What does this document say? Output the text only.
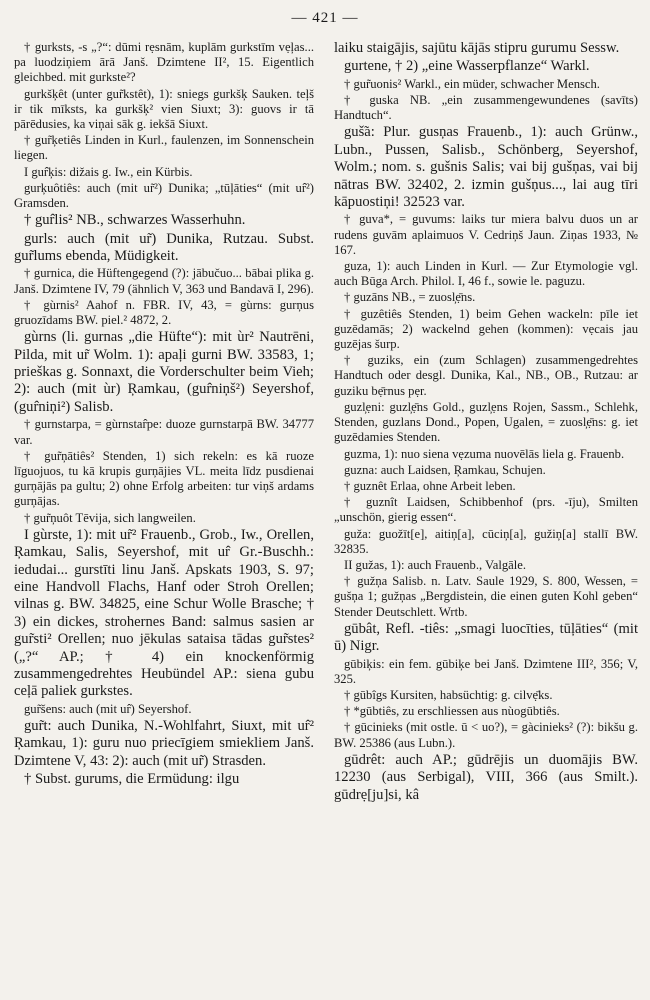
— 421 —

† gurksts, -s „?“: dūmi rẹsnām, kuplām gurkstīm vẹļas... pa luodziņiem ārā Janš. Dzimtene II², 15. Eigentlich gleichbed. mit gurkste²?

gurkšķêt (unter gur̃kstêt), 1): sniegs gurkšķ Sauken. teļš ir tik mīksts, ka gurkšķ² vien Siuxt; 3): guovs ir tā pārēdusies, ka viņai sāk g. iekšā Siuxt.

† gur̃ķetiês Linden in Kurl., faulenzen, im Sonnenschein liegen.

I gur̂ķis: dižais g. Iw., ein Kürbis.

gurķuôtiês: auch (mit ur̃²) Dunika; „tūļāties“ (mit ur̂²) Gramsden.

† gur̂lis² NB., schwarzes Wasserhuhn.

gurls: auch (mit ur̃) Dunika, Rutzau. Subst. gur̃lums ebenda, Müdigkeit.

† gurnica, die Hüftengegend (?): jābučuo... bābai plika g. Janš. Dzimtene IV, 79 (ähnlich V, 363 und Bandavā I, 296).

† gùrnis² Aahof n. FBR. IV, 43, = gùrns: gurņus gruozīdams BW. piel.² 4872, 2.

gùrns (li. gurnas „die Hüfte“): mit ùr² Nautrēni, Pilda, mit ur̃ Wolm. 1): apaļi gurni BW. 33583, 1; prieškas g. Sonnaxt, die Vorderschulter beim Vieh; 2): auch (mit ùr) Ŗamkau, (gur̂niņš²) Seyershof, (gur̂niņi²) Salisb.

† gurnstarpa, = gùrnstar̂pe: duoze gurnstarpā BW. 34777 var.

† gur̃ņātiês² Stenden, 1) sich rekeln: es kā ruoze līguojuos, tu kā krupis gurņājies VL. meita līdz pusdienai gurņājās pa gultu; 2) ohne Erfolg arbeiten: tur viņš ardams gurņājas.

† gur̃ņuôt Tēvija, sich langweilen.

I gùrste, 1): mit ur̃² Frauenb., Grob., Iw., Orellen, Ŗamkau, Salis, Seyershof, mit ur̂ Gr.-Buschh.: iedudai... gurstīti linu Janš. Apskats 1903, S. 97; eine Handvoll Flachs, Hanf oder Stroh Orellen; vilnas g. BW. 34825, eine Schur Wolle Brasche; † 3) ein dickes, strohernes Band: salmus sasien ar gur̃sti² Orellen; nuo jēkulas sataisa tādas gur̃stes² („?“ AP.; † 4) ein knockenförmig zusammengedrehtes Heubündel AP.: siena gubu ceļā paliek gurkstes.

gur̃šens: auch (mit ur̂) Seyershof.

gur̃t: auch Dunika, N.-Wohlfahrt, Siuxt, mit ur̂² Ŗamkau, 1): guru nuo priecīgiem smiekliem Janš. Dzimtene V, 43: 2): auch (mit ur̃) Strasden.

† Subst. gurums, die Ermüdung: ilgu

laiku staigājis, sajūtu kājās stipru gurumu Sessw.

gurtene, † 2) „eine Wasserpflanze“ Warkl.

† gur̃uonis² Warkl., ein müder, schwacher Mensch.

† guska NB. „ein zusammengewundenes (savīts) Handtuch“.

guš̃a: Plur. gusņas Frauenb., 1): auch Grünw., Lubn., Pussen, Salisb., Schönberg, Seyershof, Wolm.; nom. s. gušnis Salis; vai bij gušņas, vai bij nātras BW. 32402, 2. izmin gušņus..., lai aug tīri kāpuostiņi! 32523 var.

† guva*, = guvums: laiks tur miera balvu duos un ar rudens guvām aplaimuos V. Cedriņš Jaun. Ziņas 1933, № 167.

guza, 1): auch Linden in Kurl. — Zur Etymologie vgl. auch Būga Arch. Philol. I, 46 f., sowie le. paguzu.

† guzāns NB., = zuosl̦ẹ̄ns.

† guzêtiês Stenden, 1) beim Gehen wackeln: pīle iet guzēdamās; 2) wackelnd gehen (kommen): vẹcais jau guzējas šurp.

† guziks, ein (zum Schlagen) zusammengedrehtes Handtuch oder desgl. Dunika, Kal., NB., OB., Rutzau: ar guziku bẹ̄rnus pẹr.

guzl̦ẹni: guzl̦ẹ̄ns Gold., guzl̦ẹns Rojen, Sassm., Schlehk, Stenden, guzlans Dond., Popen, Ugalen, = zuosl̦ẹ̄ns: g. iet guzēdamies Stenden.

guzma, 1): nuo siena vẹzuma nuovēlās liela g. Frauenb.

guzna: auch Laidsen, Ŗamkau, Schujen.

† guznêt Erlaa, ohne Arbeit leben.

† guznît Laidsen, Schibbenhof (prs. -īju), Smilten „unschön, gierig essen“.

guža: guožīt[e], aitiņ[a], cūciņ[a], gužiņ[a] stallī BW. 32835.

II gužas, 1): auch Frauenb., Valgāle.

† gužņa Salisb. n. Latv. Saule 1929, S. 800, Wessen, = gušņa 1; gužņas „Bergdistein, die einen guten Kohl geben“ Stender Deutschlett. Wrtb.

gūbât, Refl. -tiês: „smagi luocīties, tūļāties“ (mit ū) Nigr.

gūbiķis: ein fem. gūbiķe bei Janš. Dzimtene III², 356; V, 325.

† gūbîgs Kursiten, habsüchtig: g. cilvẹ̄ks.

† *gūbtiês, zu erschliessen aus nùogūbtiês.

† gūcinieks (mit ostle. ū < uo?), = gàcinieks² (?): bikšu g. BW. 25386 (aus Lubn.).

gūdrêt: auch AP.; gūdrējis un duomājis BW. 12230 (aus Serbigal), VIII, 366 (aus Smilt.). gūdrẹ[ju]si, kâ
